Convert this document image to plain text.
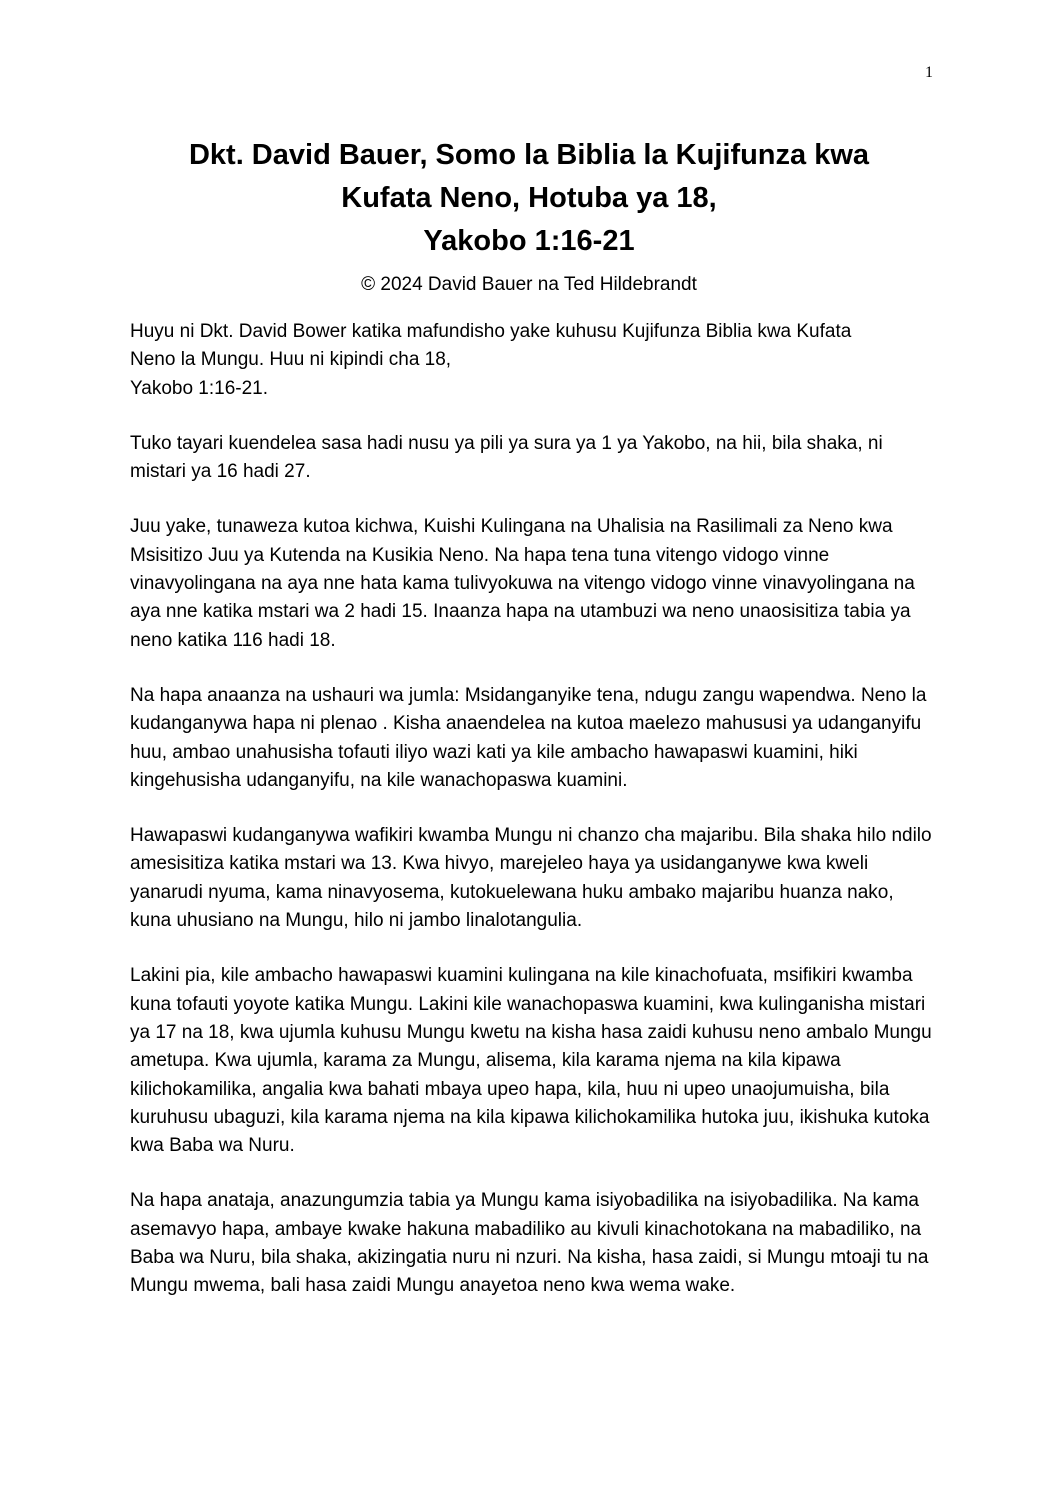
1
Dkt. David Bauer, Somo la Biblia la Kujifunza kwa
Kufata Neno, Hotuba ya 18,
Yakobo 1:16-21
© 2024 David Bauer na Ted Hildebrandt

Huyu ni Dkt. David Bower katika mafundisho yake kuhusu Kujifunza Biblia kwa Kufata
Neno la Mungu. Huu ni kipindi cha 18,
Yakobo 1:16-21.

Tuko tayari kuendelea sasa hadi nusu ya pili ya sura ya 1 ya Yakobo, na hii, bila shaka, ni mistari ya 16 hadi 27.

Juu yake, tunaweza kutoa kichwa, Kuishi Kulingana na Uhalisia na Rasilimali za Neno kwa Msisitizo Juu ya Kutenda na Kusikia Neno. Na hapa tena tuna vitengo vidogo vinne vinavyolingana na aya nne hata kama tulivyokuwa na vitengo vidogo vinne vinavyolingana na aya nne katika mstari wa 2 hadi 15. Inaanza hapa na utambuzi wa neno unaosisitiza tabia ya neno katika 116 hadi 18.

Na hapa anaanza na ushauri wa jumla: Msidanganyike tena, ndugu zangu wapendwa. Neno la kudanganywa hapa ni plenao . Kisha anaendelea na kutoa maelezo mahususi ya udanganyifu huu, ambao unahusisha tofauti iliyo wazi kati ya kile ambacho hawapaswi kuamini, hiki kingehusisha udanganyifu, na kile wanachopaswa kuamini.

Hawapaswi kudanganywa wafikiri kwamba Mungu ni chanzo cha majaribu. Bila shaka hilo ndilo amesisitiza katika mstari wa 13. Kwa hivyo, marejeleo haya ya usidanganywe kwa kweli yanarudi nyuma, kama ninavyosema, kutokuelewana huku ambako majaribu huanza nako, kuna uhusiano na Mungu, hilo ni jambo linalotangulia.

Lakini pia, kile ambacho hawapaswi kuamini kulingana na kile kinachofuata, msifikiri kwamba kuna tofauti yoyote katika Mungu. Lakini kile wanachopaswa kuamini, kwa kulinganisha mistari ya 17 na 18, kwa ujumla kuhusu Mungu kwetu na kisha hasa zaidi kuhusu neno ambalo Mungu ametupa. Kwa ujumla, karama za Mungu, alisema, kila karama njema na kila kipawa kilichokamilika, angalia kwa bahati mbaya upeo hapa, kila, huu ni upeo unaojumuisha, bila kuruhusu ubaguzi, kila karama njema na kila kipawa kilichokamilika hutoka juu, ikishuka kutoka kwa Baba wa Nuru.

Na hapa anataja, anazungumzia tabia ya Mungu kama isiyobadilika na isiyobadilika. Na kama asemavyo hapa, ambaye kwake hakuna mabadiliko au kivuli kinachotokana na mabadiliko, na Baba wa Nuru, bila shaka, akizingatia nuru ni nzuri. Na kisha, hasa zaidi, si Mungu mtoaji tu na Mungu mwema, bali hasa zaidi Mungu anayetoa neno kwa wema wake.
